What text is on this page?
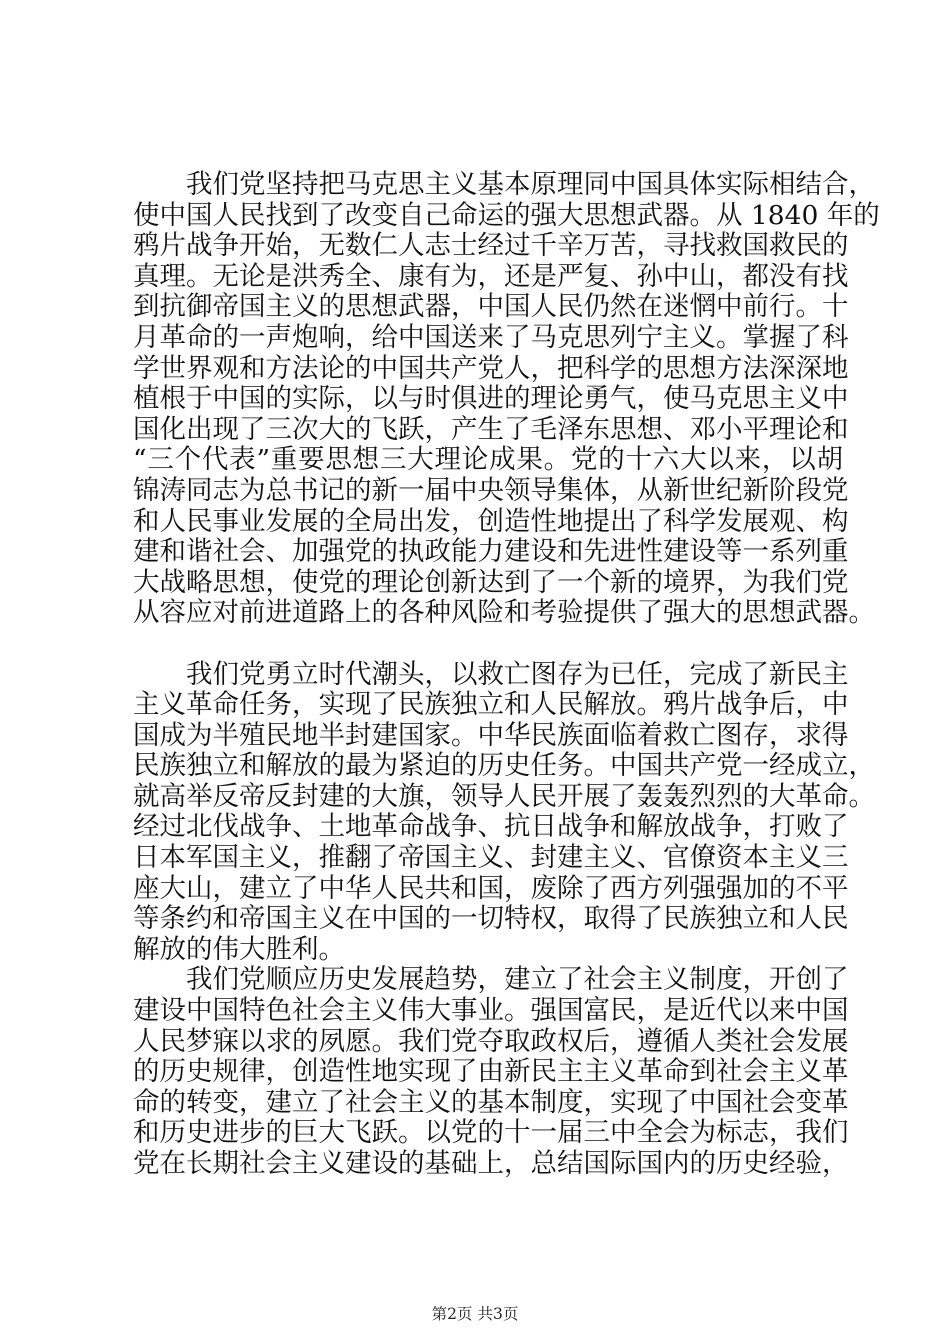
我们党坚持把马克思主义基本原理同中国具体实际相结合，
使中国人民找到了改变自己命运的强大思想武器。从 1840 年的
鸦片战争开始，无数仁人志士经过千辛万苦，寻找救国救民的
真理。无论是洪秀全、康有为，还是严复、孙中山，都没有找
到抗御帝国主义的思想武器，中国人民仍然在迷惘中前行。十
月革命的一声炮响，给中国送来了马克思列宁主义。掌握了科
学世界观和方法论的中国共产党人，把科学的思想方法深深地
植根于中国的实际，以与时俱进的理论勇气，使马克思主义中
国化出现了三次大的飞跃，产生了毛泽东思想、邓小平理论和
“三个代表”重要思想三大理论成果。党的十六大以来，以胡
锦涛同志为总书记的新一届中央领导集体，从新世纪新阶段党
和人民事业发展的全局出发，创造性地提出了科学发展观、构
建和谐社会、加强党的执政能力建设和先进性建设等一系列重
大战略思想，使党的理论创新达到了一个新的境界，为我们党
从容应对前进道路上的各种风险和考验提供了强大的思想武器。
我们党勇立时代潮头，以救亡图存为已任，完成了新民主
主义革命任务，实现了民族独立和人民解放。鸦片战争后，中
国成为半殖民地半封建国家。中华民族面临着救亡图存，求得
民族独立和解放的最为紧迫的历史任务。中国共产党一经成立，
就高举反帝反封建的大旗，领导人民开展了轰轰烈烈的大革命。
经过北伐战争、土地革命战争、抗日战争和解放战争，打败了
日本军国主义，推翻了帝国主义、封建主义、官僚资本主义三
座大山，建立了中华人民共和国，废除了西方列强强加的不平
等条约和帝国主义在中国的一切特权，取得了民族独立和人民
解放的伟大胜利。
我们党顺应历史发展趋势，建立了社会主义制度，开创了
建设中国特色社会主义伟大事业。强国富民，是近代以来中国
人民梦寐以求的夙愿。我们党夺取政权后，遵循人类社会发展
的历史规律，创造性地实现了由新民主主义革命到社会主义革
命的转变，建立了社会主义的基本制度，实现了中国社会变革
和历史进步的巨大飞跃。以党的十一届三中全会为标志，我们
党在长期社会主义建设的基础上，总结国际国内的历史经验，
第2页 共3页
